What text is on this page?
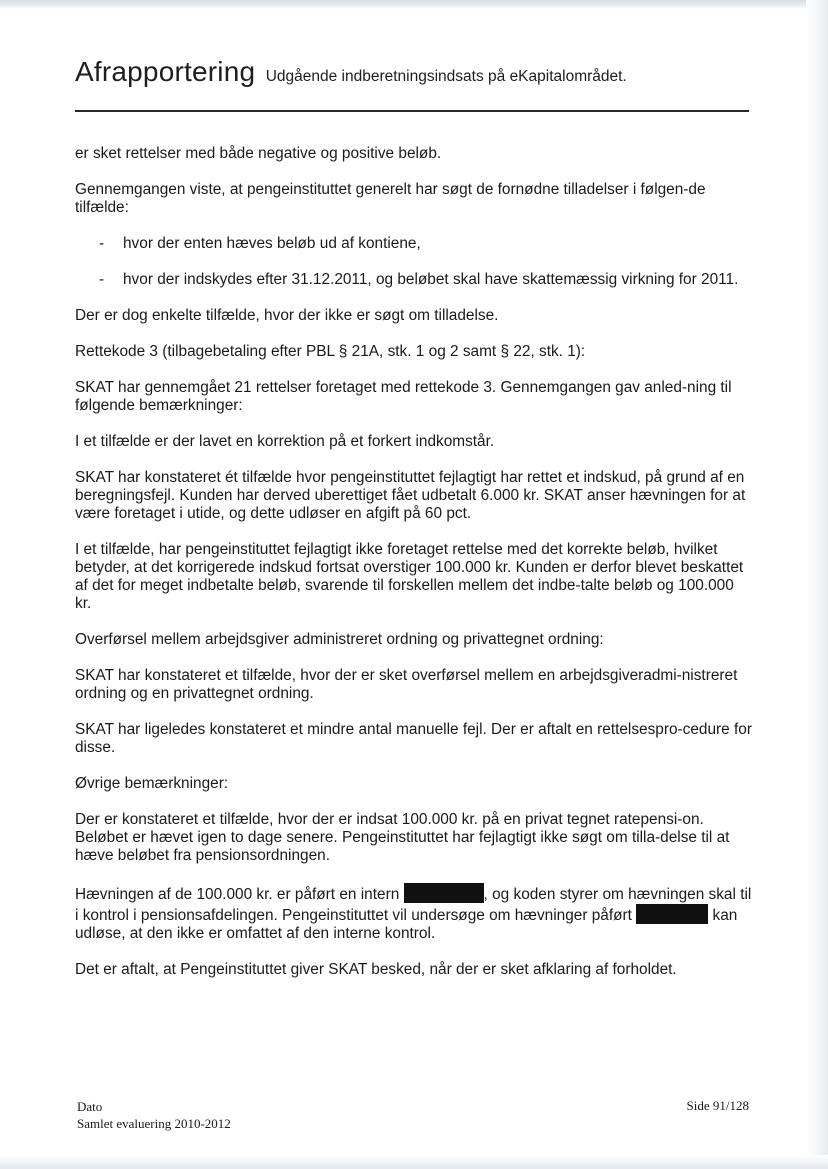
Afrapportering Udgående indberetningsindsats på eKapitalområdet.

er sket rettelser med både negative og positive beløb.

Gennemgangen viste, at pengeinstituttet generelt har søgt de fornødne tilladelser i følgen-de tilfælde:

- hvor der enten hæves beløb ud af kontiene,
- hvor der indskydes efter 31.12.2011, og beløbet skal have skattemæssig virkning for 2011.

Der er dog enkelte tilfælde, hvor der ikke er søgt om tilladelse.

Rettekode 3 (tilbagebetaling efter PBL § 21A, stk. 1 og 2 samt § 22, stk. 1):

SKAT har gennemgået 21 rettelser foretaget med rettekode 3. Gennemgangen gav anled-ning til følgende bemærkninger:

I et tilfælde er der lavet en korrektion på et forkert indkomstår.

SKAT har konstateret ét tilfælde hvor pengeinstituttet fejlagtigt har rettet et indskud, på grund af en beregningsfejl. Kunden har derved uberettiget fået udbetalt 6.000 kr. SKAT anser hævningen for at være foretaget i utide, og dette udløser en afgift på 60 pct.

I et tilfælde, har pengeinstituttet fejlagtigt ikke foretaget rettelse med det korrekte beløb, hvilket betyder, at det korrigerede indskud fortsat overstiger 100.000 kr. Kunden er derfor blevet beskattet af det for meget indbetalte beløb, svarende til forskellen mellem det indbe-talte beløb og 100.000 kr.

Overførsel mellem arbejdsgiver administreret ordning og privattegnet ordning:

SKAT har konstateret et tilfælde, hvor der er sket overførsel mellem en arbejdsgiveradmi-nistreret ordning og en privattegnet ordning.

SKAT har ligeledes konstateret et mindre antal manuelle fejl. Der er aftalt en rettelsespro-cedure for disse.

Øvrige bemærkninger:

Der er konstateret et tilfælde, hvor der er indsat 100.000 kr. på en privat tegnet ratepensi-on. Beløbet er hævet igen to dage senere. Pengeinstituttet har fejlagtigt ikke søgt om tilla-delse til at hæve beløbet fra pensionsordningen.

Hævningen af de 100.000 kr. er påført en intern	, og koden styrer om hævningen skal til i kontrol i pensionsafdelingen. Pengeinstituttet vil undersøge om hævninger påført	kan udløse, at den ikke er omfattet af den interne kontrol.

Det er aftalt, at Pengeinstituttet giver SKAT besked, når der er sket afklaring af forholdet.

Dato
Samlet evaluering 2010-2012
Side 91/128
